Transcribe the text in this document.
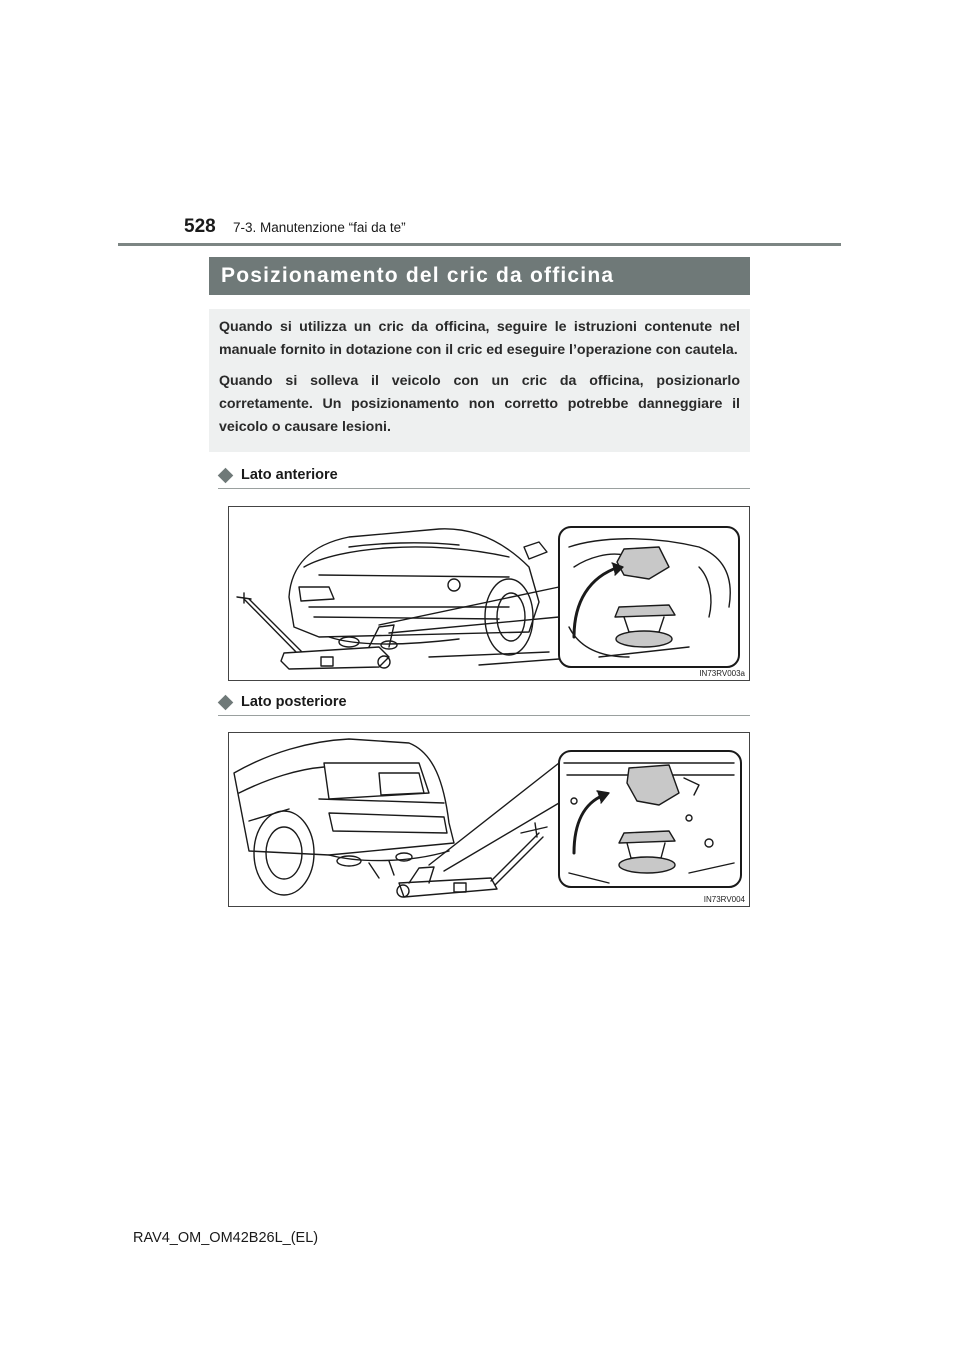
528 7-3. Manutenzione “fai da te”
Posizionamento del cric da officina

Quando si utilizza un cric da officina, seguire le istruzioni contenute nel manuale fornito in dotazione con il cric ed eseguire l’operazione con cautela.

Quando si solleva il veicolo con un cric da officina, posizionarlo corretamente. Un posizionamento non corretto potrebbe danneggiare il veicolo o causare lesioni.

Lato anteriore
IN73RV003a
Lato posteriore
IN73RV004
RAV4_OM_OM42B26L_(EL)
